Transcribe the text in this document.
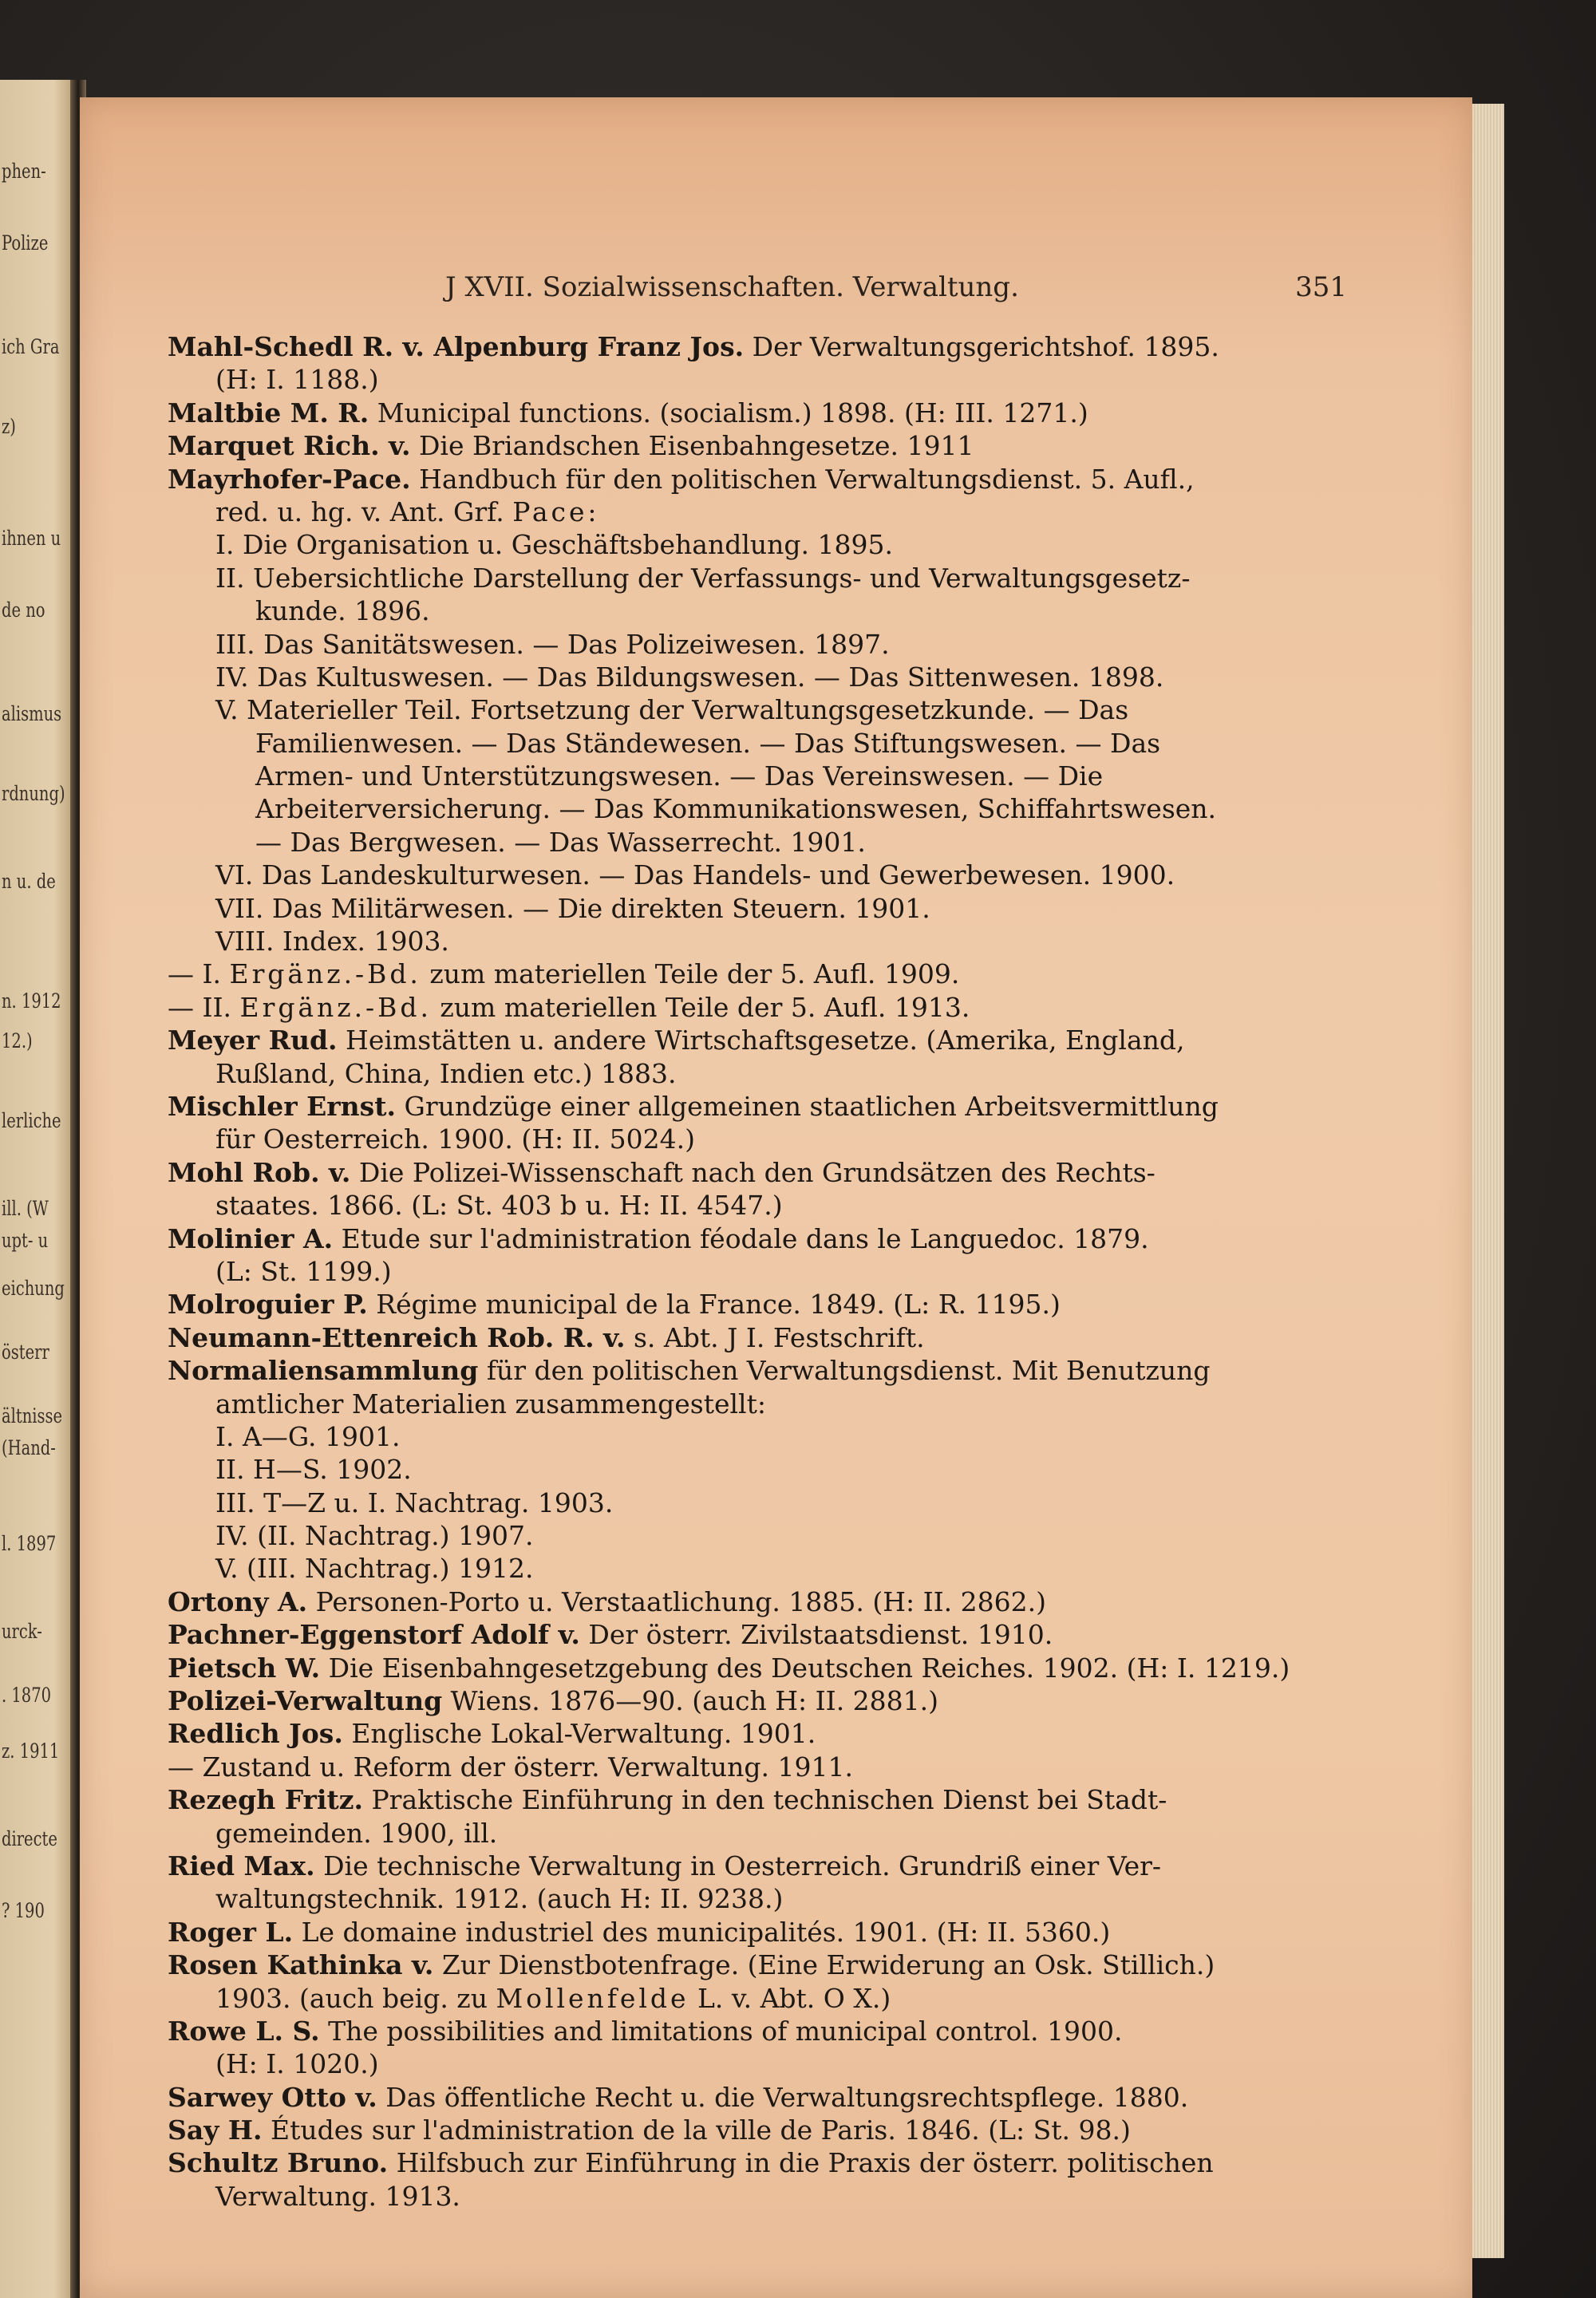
phen-
Polize
ich Gra
z)
ihnen u
de no
alismus
rdnung)
n u. de
n. 1912
12.)
lerliche
ill. (W
upt- u
eichung
österr
ältnisse
(Hand-
l. 1897
urck-
. 1870
z. 1911
directe
? 190
J XVII. Sozialwissenschaften. Verwaltung.	351
Mahl-Schedl R. v. Alpenburg Franz Jos. Der Verwaltungsgerichtshof. 1895.
(H: I. 1188.)
Maltbie M. R. Municipal functions. (socialism.) 1898. (H: III. 1271.)
Marquet Rich. v. Die Briandschen Eisenbahngesetze. 1911
Mayrhofer-Pace. Handbuch für den politischen Verwaltungsdienst. 5. Aufl.,
red. u. hg. v. Ant. Grf. Pace:
I. Die Organisation u. Geschäftsbehandlung. 1895.
II. Uebersichtliche Darstellung der Verfassungs- und Verwaltungsgesetz-
kunde. 1896.
III. Das Sanitätswesen. — Das Polizeiwesen. 1897.
IV. Das Kultuswesen. — Das Bildungswesen. — Das Sittenwesen. 1898.
V. Materieller Teil. Fortsetzung der Verwaltungsgesetzkunde. — Das
Familienwesen. — Das Ständewesen. — Das Stiftungswesen. — Das
Armen- und Unterstützungswesen. — Das Vereinswesen. — Die
Arbeiterversicherung. — Das Kommunikationswesen, Schiffahrtswesen.
— Das Bergwesen. — Das Wasserrecht. 1901.
VI. Das Landeskulturwesen. — Das Handels- und Gewerbewesen. 1900.
VII. Das Militärwesen. — Die direkten Steuern. 1901.
VIII. Index. 1903.
— I. Ergänz.-Bd. zum materiellen Teile der 5. Aufl. 1909.
— II. Ergänz.-Bd. zum materiellen Teile der 5. Aufl. 1913.
Meyer Rud. Heimstätten u. andere Wirtschaftsgesetze. (Amerika, England,
Rußland, China, Indien etc.) 1883.
Mischler Ernst. Grundzüge einer allgemeinen staatlichen Arbeitsvermittlung
für Oesterreich. 1900. (H: II. 5024.)
Mohl Rob. v. Die Polizei-Wissenschaft nach den Grundsätzen des Rechts-
staates. 1866. (L: St. 403 b u. H: II. 4547.)
Molinier A. Etude sur l'administration féodale dans le Languedoc. 1879.
(L: St. 1199.)
Molroguier P. Régime municipal de la France. 1849. (L: R. 1195.)
Neumann-Ettenreich Rob. R. v. s. Abt. J I. Festschrift.
Normaliensammlung für den politischen Verwaltungsdienst. Mit Benutzung
amtlicher Materialien zusammengestellt:
I. A—G. 1901.
II. H—S. 1902.
III. T—Z u. I. Nachtrag. 1903.
IV. (II. Nachtrag.) 1907.
V. (III. Nachtrag.) 1912.
Ortony A. Personen-Porto u. Verstaatlichung. 1885. (H: II. 2862.)
Pachner-Eggenstorf Adolf v. Der österr. Zivilstaatsdienst. 1910.
Pietsch W. Die Eisenbahngesetzgebung des Deutschen Reiches. 1902. (H: I. 1219.)
Polizei-Verwaltung Wiens. 1876—90. (auch H: II. 2881.)
Redlich Jos. Englische Lokal-Verwaltung. 1901.
— Zustand u. Reform der österr. Verwaltung. 1911.
Rezegh Fritz. Praktische Einführung in den technischen Dienst bei Stadt-
gemeinden. 1900, ill.
Ried Max. Die technische Verwaltung in Oesterreich. Grundriß einer Ver-
waltungstechnik. 1912. (auch H: II. 9238.)
Roger L. Le domaine industriel des municipalités. 1901. (H: II. 5360.)
Rosen Kathinka v. Zur Dienstbotenfrage. (Eine Erwiderung an Osk. Stillich.)
1903. (auch beig. zu Mollenfelde L. v. Abt. O X.)
Rowe L. S. The possibilities and limitations of municipal control. 1900.
(H: I. 1020.)
Sarwey Otto v. Das öffentliche Recht u. die Verwaltungsrechtspflege. 1880.
Say H. Études sur l'administration de la ville de Paris. 1846. (L: St. 98.)
Schultz Bruno. Hilfsbuch zur Einführung in die Praxis der österr. politischen
Verwaltung. 1913.
